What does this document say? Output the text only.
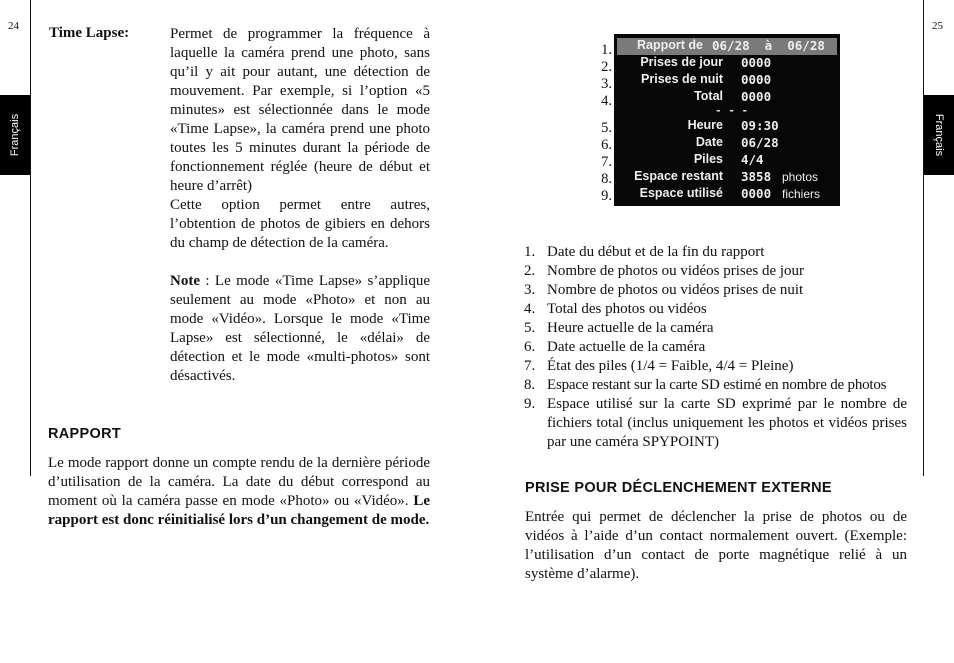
24
Français
Time Lapse:	Permet de programmer la fréquence à laquelle la caméra prend une photo, sans qu’il y ait pour autant, une détection de mouvement. Par exemple, si l’option «5 minutes» est sélectionnée dans le mode «Time Lapse», la caméra prend une photo toutes les 5 minutes durant la période de fonctionnement réglée (heure de début et heure d’arrêt)

Cette option permet entre autres, l’obtention de photos de gibiers en dehors du champ de détection de la caméra.

Note : Le mode «Time Lapse» s’applique seulement au mode «Photo» et non au mode «Vidéo». Lorsque le mode «Time Lapse» est sélectionné, le «délai» de détection et le mode «multi-photos» sont désactivés.

RAPPORT

Le mode rapport donne un compte rendu de la dernière période d’utilisation de la caméra. La date du début correspond au moment où la caméra passe en mode «Photo» ou «Vidéo». Le rapport est donc réinitialisé lors d’un changement de mode.

25
Français
1.
2.
3.
4.
5.
6.
7.
8.
9.
Rapport de 06/28  à  06/28
Prises de jour 0000
Prises de nuit 0000
Total 0000
- - -
Heure 09:30
Date 06/28
Piles 4/4
Espace restant 3858 photos
Espace utilisé 0000 fichiers
1. Date du début et de la fin du rapport
2. Nombre de photos ou vidéos prises de jour
3. Nombre de photos ou vidéos prises de nuit
4. Total des photos ou vidéos
5. Heure actuelle de la caméra
6. Date actuelle de la caméra
7. État des piles (1/4 = Faible, 4/4 = Pleine)
8. Espace restant sur la carte SD estimé en nombre de photos
9. Espace utilisé sur la carte SD exprimé par le nombre de fichiers total (inclus uniquement les photos et vidéos prises par une caméra SPYPOINT)
PRISE POUR DÉCLENCHEMENT EXTERNE

Entrée qui permet de déclencher la prise de photos ou de vidéos à l’aide d’un contact normalement ouvert. (Exemple: l’utilisation d’un contact de porte magnétique relié à un système d’alarme).
